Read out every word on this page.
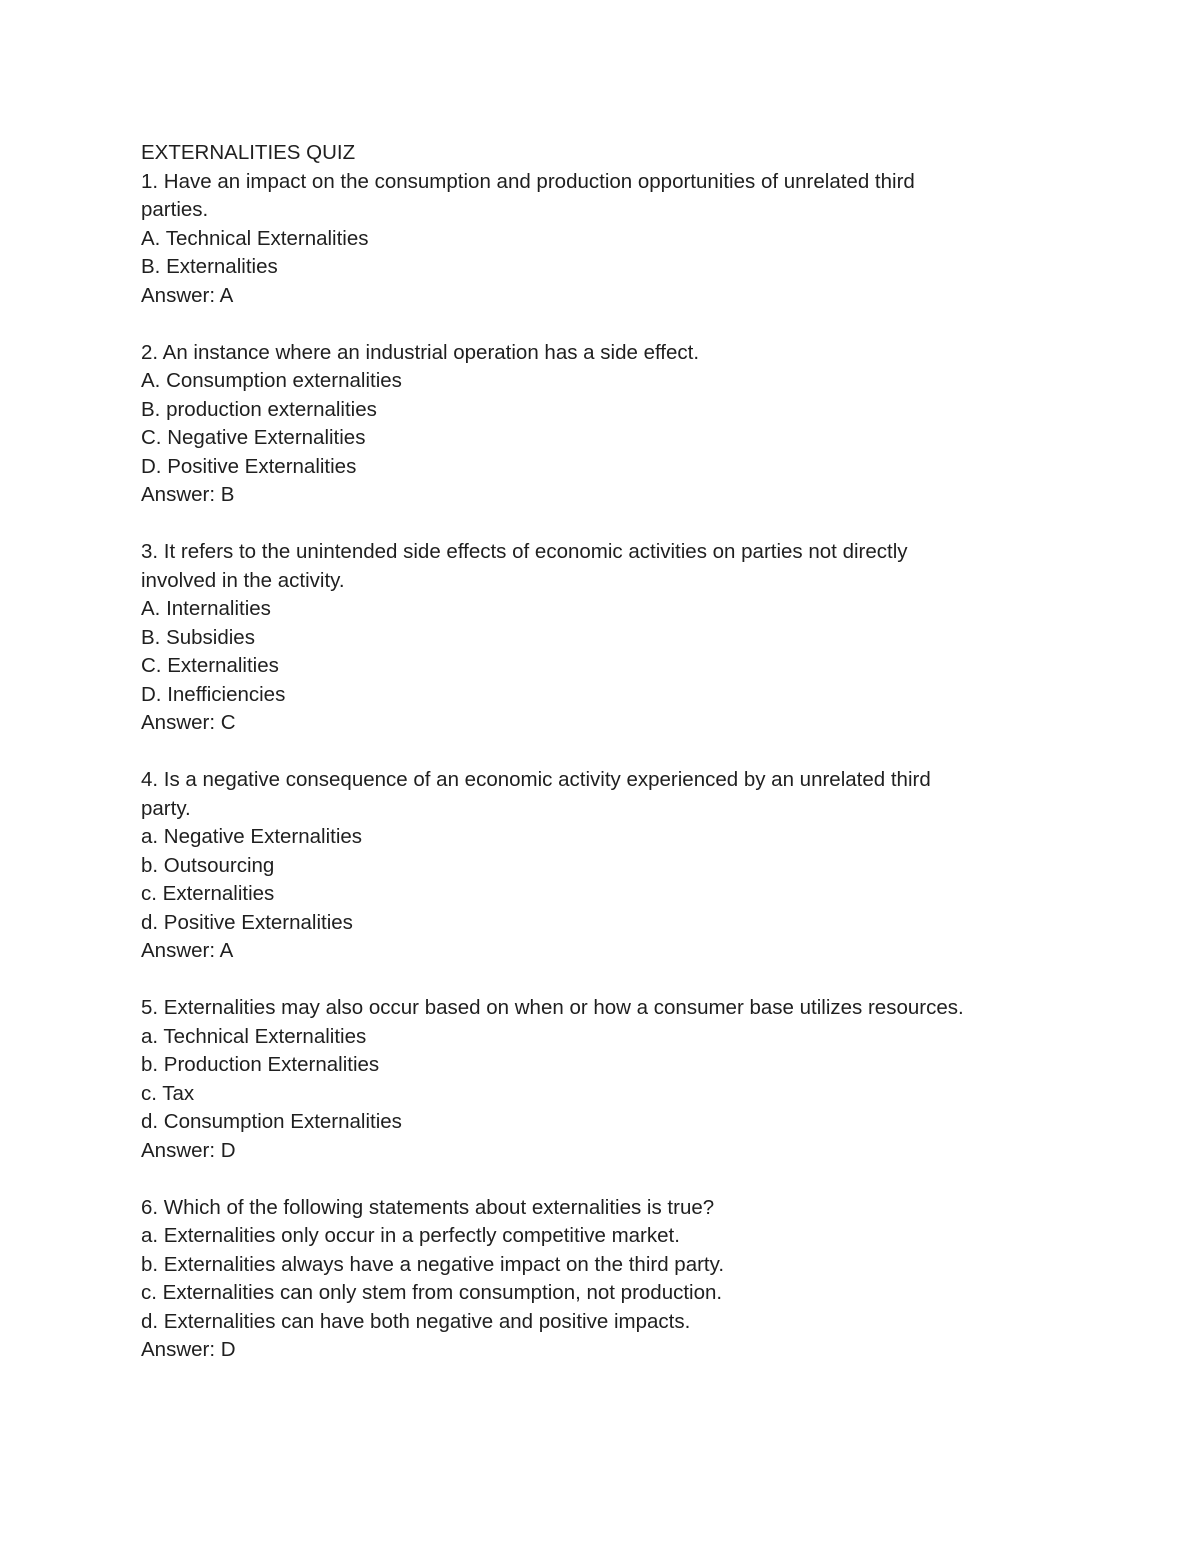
EXTERNALITIES QUIZ
1. Have an impact on the consumption and production opportunities of unrelated third parties.
A. Technical Externalities
B. Externalities
Answer: A
2. An instance where an industrial operation has a side effect.
A. Consumption externalities
B. production externalities
C. Negative Externalities
D. Positive Externalities
Answer: B
3. It refers to the unintended side effects of economic activities on parties not directly involved in the activity.
A. Internalities
B. Subsidies
C. Externalities
D. Inefficiencies
Answer: C
4. Is a negative consequence of an economic activity experienced by an unrelated third party.
a. Negative Externalities
b. Outsourcing
c. Externalities
d. Positive Externalities
Answer: A
5. Externalities may also occur based on when or how a consumer base utilizes resources.
a. Technical Externalities
b. Production Externalities
c. Tax
d. Consumption Externalities
Answer: D
6. Which of the following statements about externalities is true?
a. Externalities only occur in a perfectly competitive market.
b. Externalities always have a negative impact on the third party.
c. Externalities can only stem from consumption, not production.
d. Externalities can have both negative and positive impacts.
Answer: D
